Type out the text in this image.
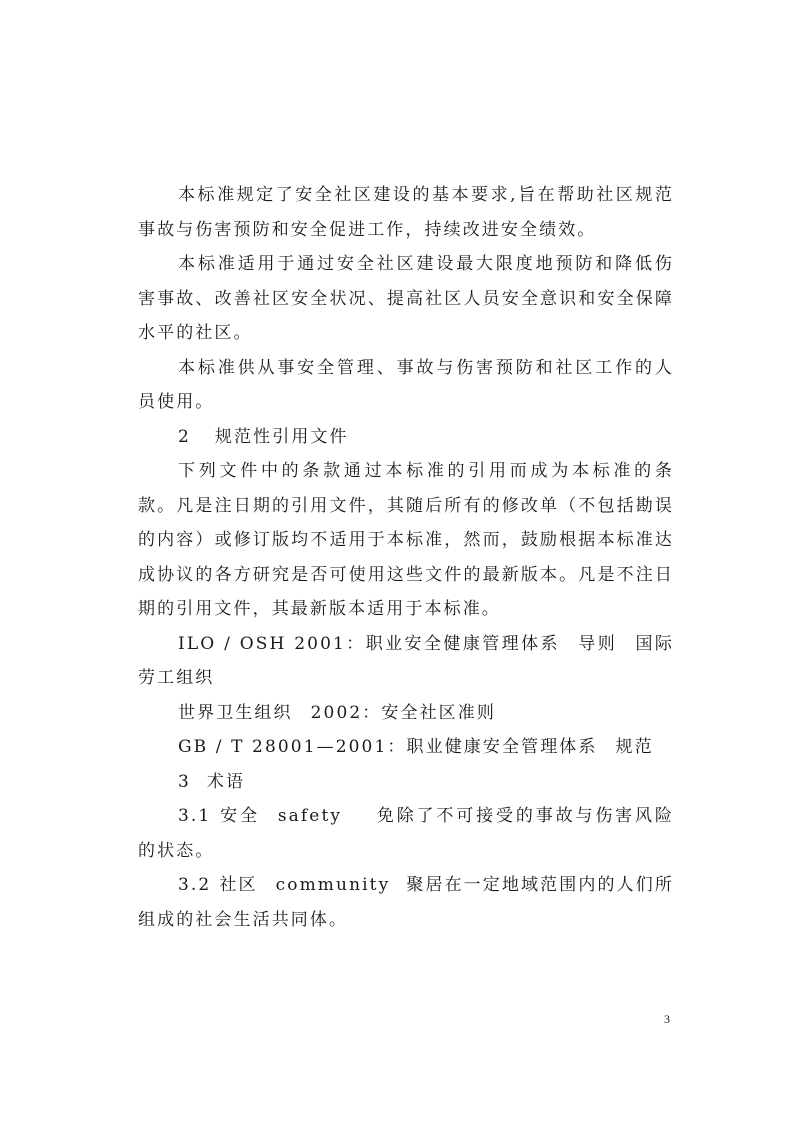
本标准规定了安全社区建设的基本要求,旨在帮助社区规范事故与伤害预防和安全促进工作，持续改进安全绩效。

本标准适用于通过安全社区建设最大限度地预防和降低伤害事故、改善社区安全状况、提高社区人员安全意识和安全保障水平的社区。

本标准供从事安全管理、事故与伤害预防和社区工作的人员使用。

2 规范性引用文件

下列文件中的条款通过本标准的引用而成为本标准的条款。凡是注日期的引用文件，其随后所有的修改单（不包括勘误的内容）或修订版均不适用于本标准，然而，鼓励根据本标准达成协议的各方研究是否可使用这些文件的最新版本。凡是不注日期的引用文件，其最新版本适用于本标准。

ILO / OSH 2001：职业安全健康管理体系 导则 国际劳工组织

世界卫生组织 2002：安全社区准则

GB / T 28001—2001：职业健康安全管理体系 规范

3 术语

3.1 安全 safety 免除了不可接受的事故与伤害风险的状态。

3.2 社区 community 聚居在一定地域范围内的人们所组成的社会生活共同体。

3
